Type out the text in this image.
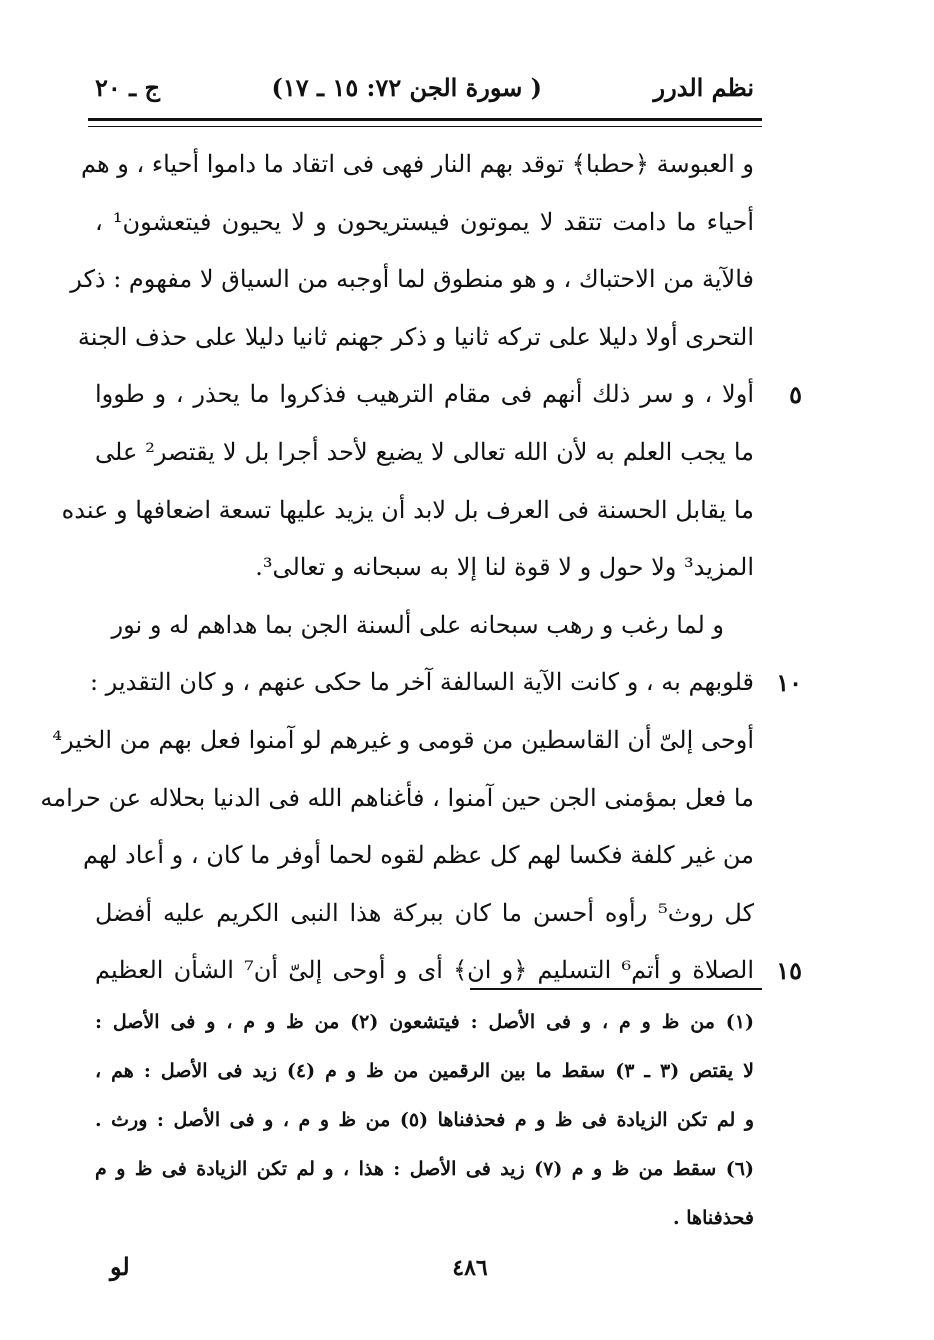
نظم الدرر
( سورة الجن ٧٢: ١٥ ـ ١٧)
ج ـ ٢٠
و العبوسة ﴿حطبا﴾ توقد بهم النار فهى فى اتقاد ما داموا أحياء ، و هم
أحياء ما دامت تتقد لا يموتون فيستريحون و لا يحيون فيتعشون¹ ،
فالآية من الاحتباك ، و هو منطوق لما أوجبه من السياق لا مفهوم : ذكر
التحرى أولا دليلا على تركه ثانيا و ذكر جهنم ثانيا دليلا على حذف الجنة
أولا ، و سر ذلك أنهم فى مقام الترهيب فذكروا ما يحذر ، و طووا	٥
ما يجب العلم به لأن الله تعالى لا يضيع لأحد أجرا بل لا يقتصر² على
ما يقابل الحسنة فى العرف بل لابد أن يزيد عليها تسعة اضعافها و عنده
المزيد³ ولا حول و لا قوة لنا إلا به سبحانه و تعالى³.
و لما رغب و رهب سبحانه على ألسنة الجن بما هداهم له و نور
قلوبهم به ، و كانت الآية السالفة آخر ما حكى عنهم ، و كان التقدير : ١٠
أوحى إلىّ أن القاسطين من قومى و غيرهم لو آمنوا فعل بهم من الخير⁴
ما فعل بمؤمنى الجن حين آمنوا ، فأغناهم الله فى الدنيا بحلاله عن حرامه
من غير كلفة فكسا لهم كل عظم لقوه لحما أوفر ما كان ، و أعاد لهم
كل روث⁵ رأوه أحسن ما كان ببركة هذا النبى الكريم عليه أفضل
الصلاة و أتم⁶ التسليم ﴿و ان﴾ أى و أوحى إلىّ أن⁷ الشأن العظيم ١٥
(١) من ظ و م ، و فى الأصل : فيتشعون (٢) من ظ و م ، و فى الأصل :
لا يقتص (٣ ـ ٣) سقط ما بين الرقمين من ظ و م (٤) زيد فى الأصل : هم ،
و لم تكن الزيادة فى ظ و م فحذفناها (٥) من ظ و م ، و فى الأصل : ورث .
(٦) سقط من ظ و م (٧) زيد فى الأصل : هذا ، و لم تكن الزيادة فى ظ و م
فحذفناها .
لو	٤٨٦
